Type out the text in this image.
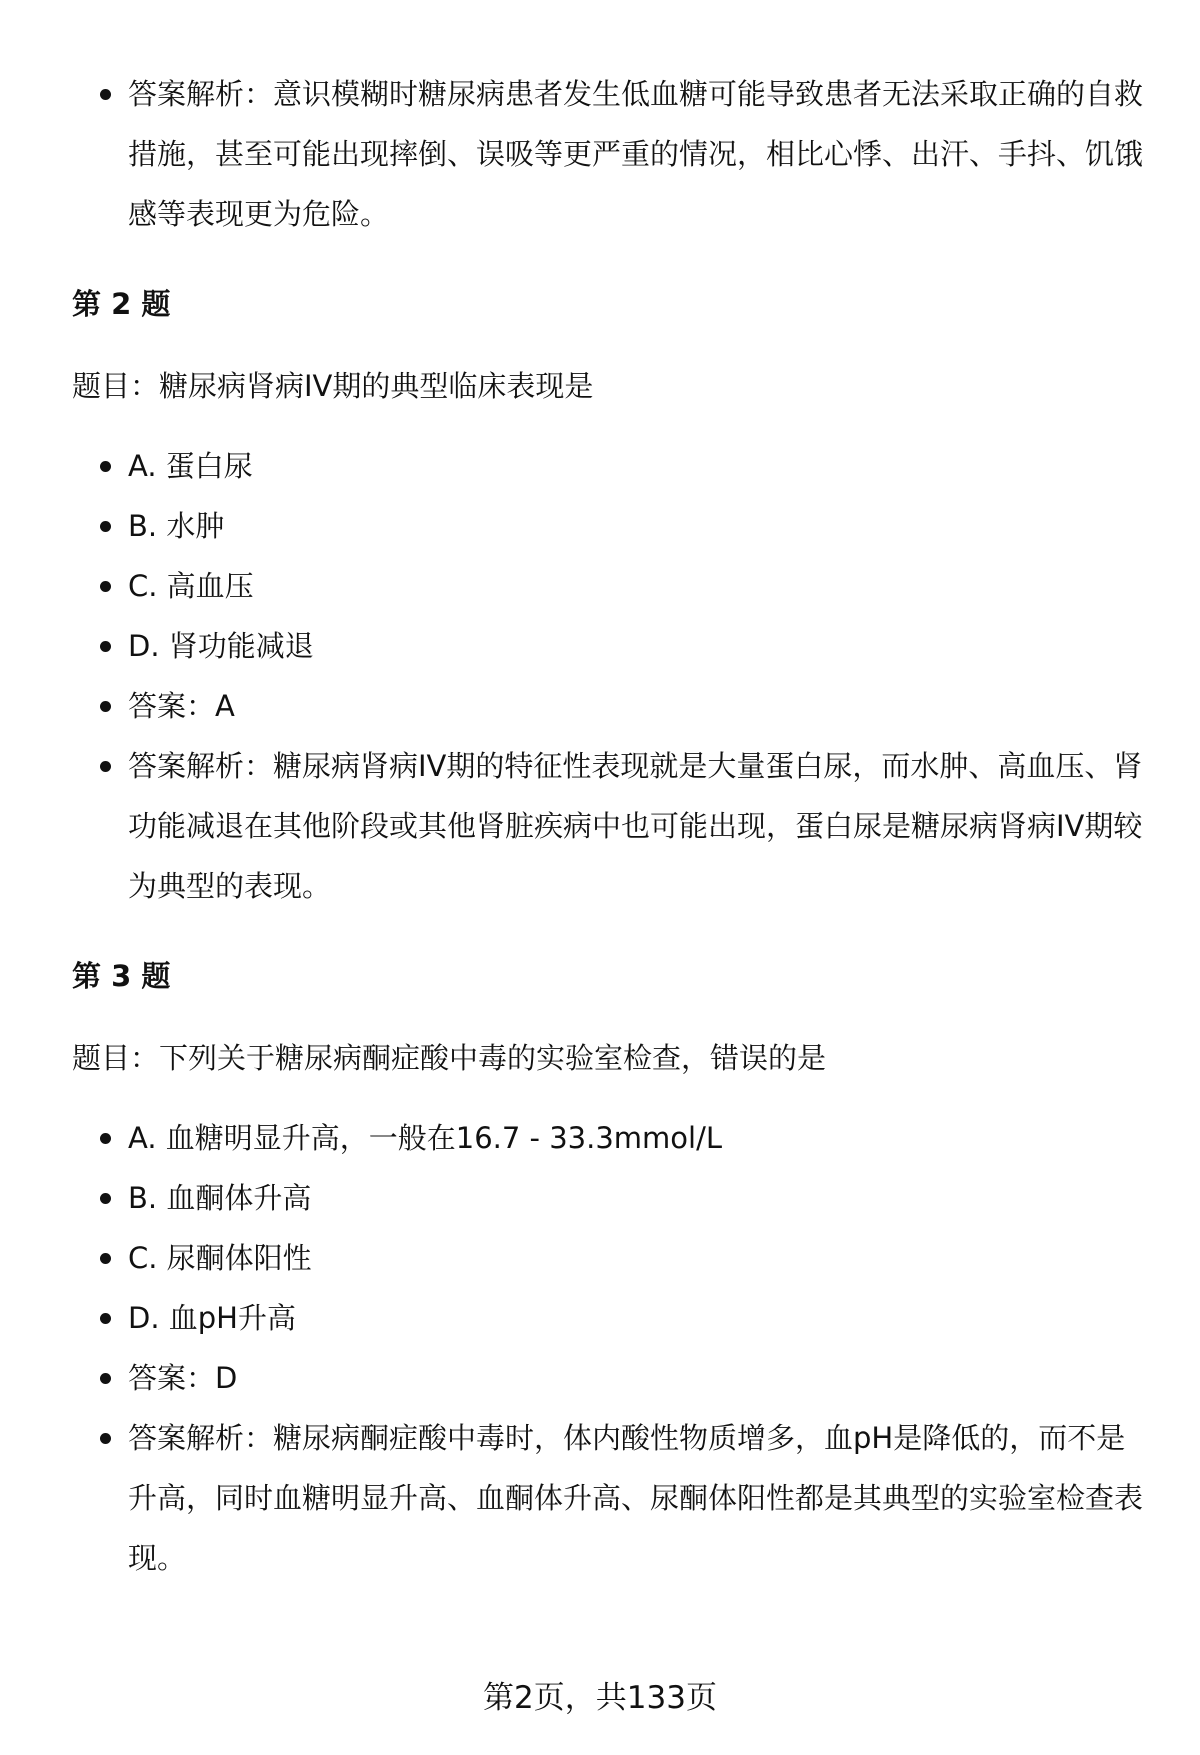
答案解析：意识模糊时糖尿病患者发生低血糖可能导致患者无法采取正确的自救措施，甚至可能出现摔倒、误吸等更严重的情况，相比心悸、出汗、手抖、饥饿感等表现更为危险。

第 2 题

题目：糖尿病肾病IV期的典型临床表现是

A. 蛋白尿
B. 水肿
C. 高血压
D. 肾功能减退
答案：A
答案解析：糖尿病肾病IV期的特征性表现就是大量蛋白尿，而水肿、高血压、肾功能减退在其他阶段或其他肾脏疾病中也可能出现，蛋白尿是糖尿病肾病IV期较为典型的表现。

第 3 题

题目：下列关于糖尿病酮症酸中毒的实验室检查，错误的是

A. 血糖明显升高，一般在16.7 - 33.3mmol/L
B. 血酮体升高
C. 尿酮体阳性
D. 血pH升高
答案：D
答案解析：糖尿病酮症酸中毒时，体内酸性物质增多，血pH是降低的，而不是升高，同时血糖明显升高、血酮体升高、尿酮体阳性都是其典型的实验室检查表现。
第2页，共133页
